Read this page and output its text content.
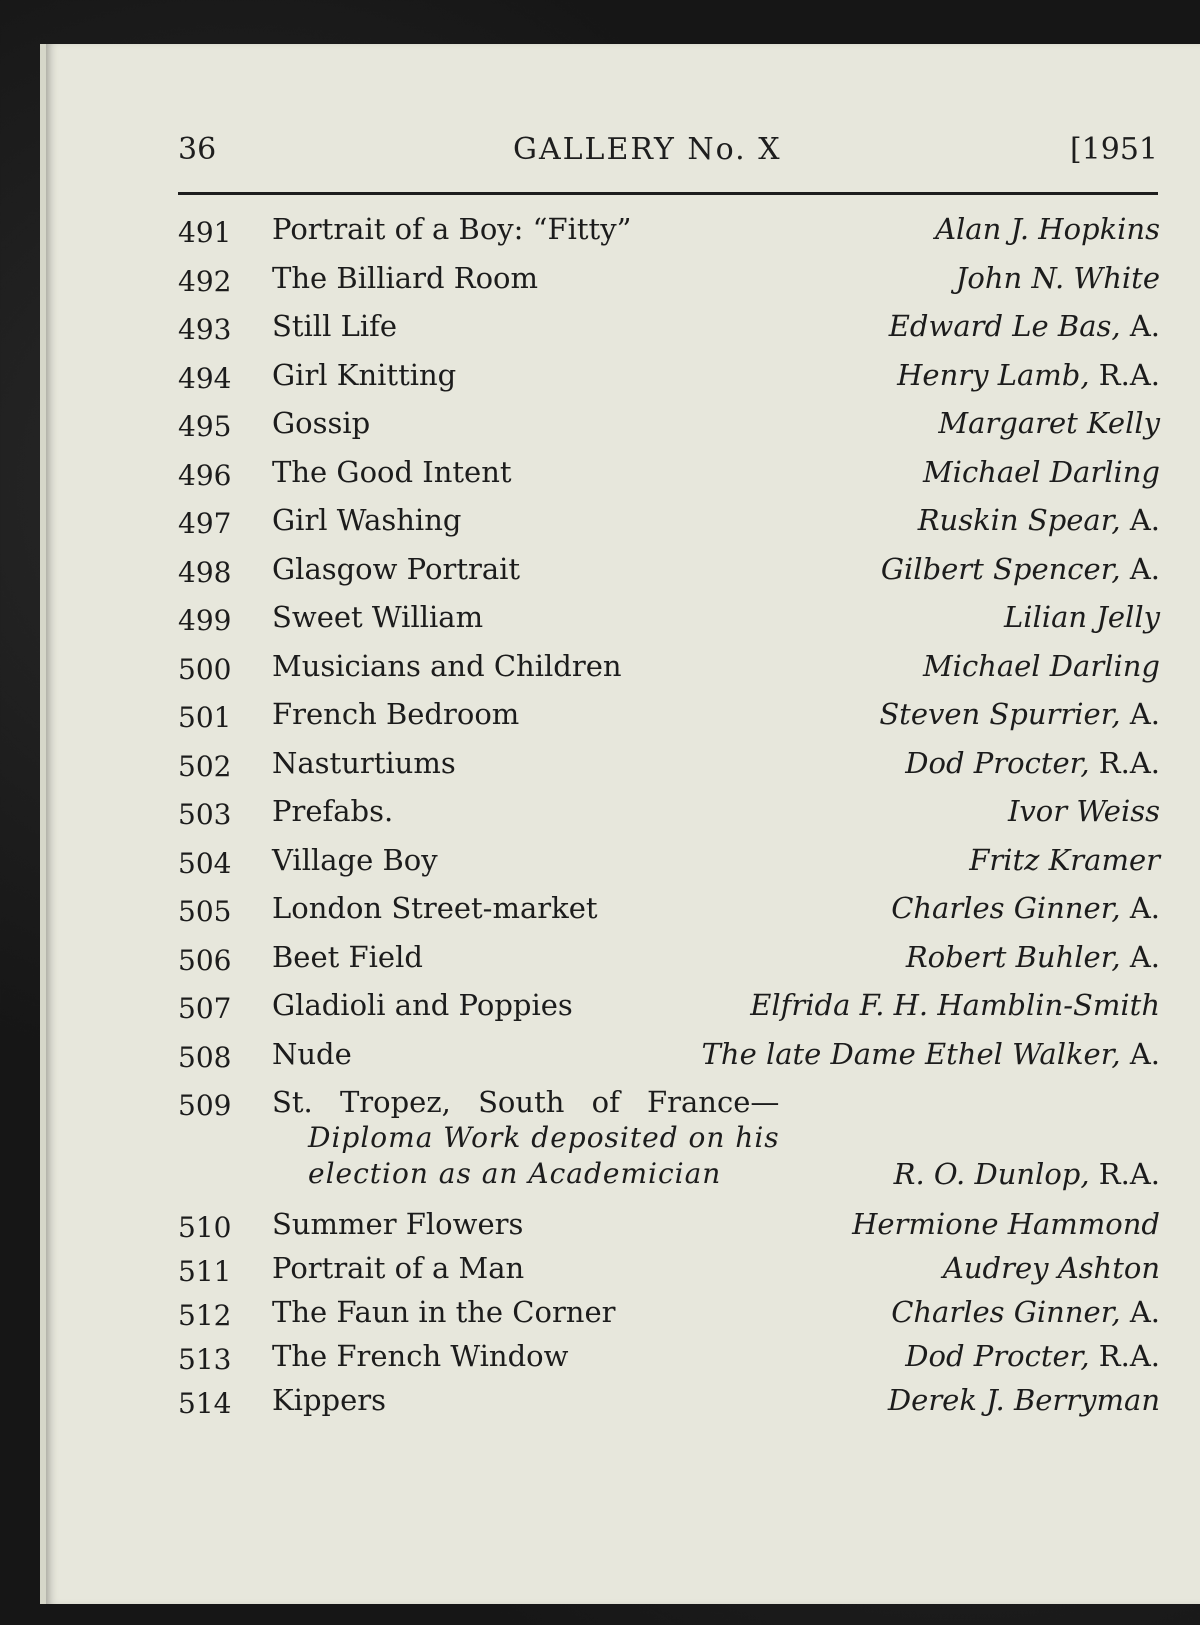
36	GALLERY No. X	[1951
491 Portrait of a Boy: “Fitty”	Alan J. Hopkins
492 The Billiard Room	John N. White
493 Still Life	Edward Le Bas, A.
494 Girl Knitting	Henry Lamb, R.A.
495 Gossip	Margaret Kelly
496 The Good Intent	Michael Darling
497 Girl Washing	Ruskin Spear, A.
498 Glasgow Portrait	Gilbert Spencer, A.
499 Sweet William	Lilian Jelly
500 Musicians and Children	Michael Darling
501 French Bedroom	Steven Spurrier, A.
502 Nasturtiums	Dod Procter, R.A.
503 Prefabs.	Ivor Weiss
504 Village Boy	Fritz Kramer
505 London Street-market	Charles Ginner, A.
506 Beet Field	Robert Buhler, A.
507 Gladioli and Poppies	Elfrida F. H. Hamblin-Smith
508 Nude	The late Dame Ethel Walker, A.
509 St. Tropez, South of France—
Diploma Work deposited on his
election as an Academician	R. O. Dunlop, R.A.
510 Summer Flowers	Hermione Hammond
511 Portrait of a Man	Audrey Ashton
512 The Faun in the Corner	Charles Ginner, A.
513 The French Window	Dod Procter, R.A.
514 Kippers	Derek J. Berryman
